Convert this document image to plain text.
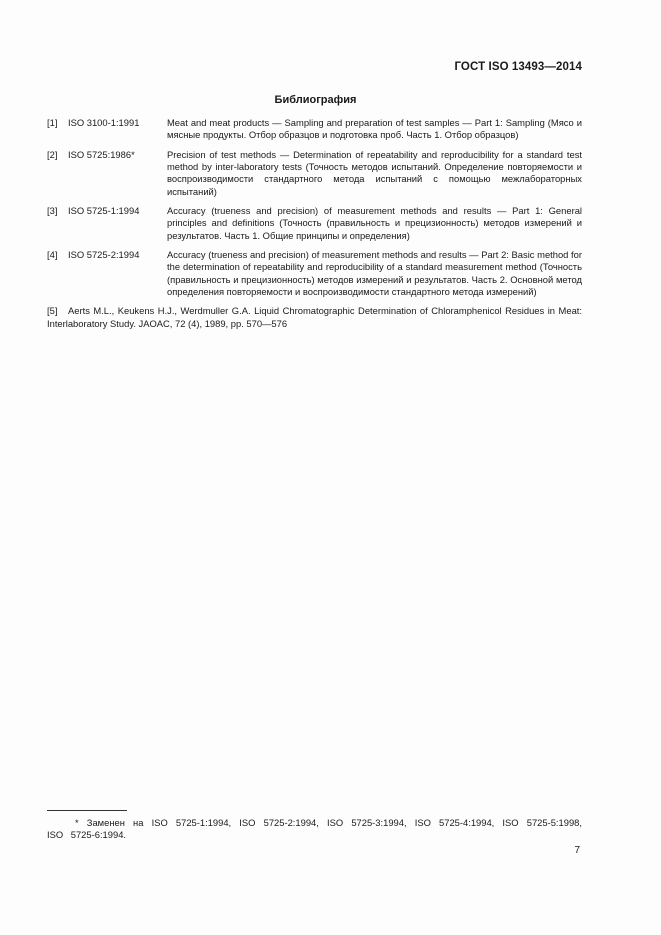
ГОСТ ISO 13493—2014
Библиография
[1]	ISO 3100-1:1991	Meat and meat products — Sampling and preparation of test samples — Part 1: Sampling (Мясо и мясные продукты. Отбор образцов и подготовка проб. Часть 1. Отбор образцов)
[2]	ISO 5725:1986*	Precision of test methods — Determination of repeatability and reproducibility for a standard test method by inter-laboratory tests (Точность методов испытаний. Определение повторяемости и воспроизводимости стандартного метода испытаний с помощью межлабораторных испытаний)
[3]	ISO 5725-1:1994	Accuracy (trueness and precision) of measurement methods and results — Part 1: General principles and definitions (Точность (правильность и прецизионность) методов измерений и результатов. Часть 1. Общие принципы и определения)
[4]	ISO 5725-2:1994	Accuracy (trueness and precision) of measurement methods and results — Part 2: Basic method for the determination of repeatability and reproducibility of a standard measurement method (Точность (правильность и прецизионность) методов измерений и результатов. Часть 2. Основной метод определения повторяемости и воспроизводимости стандартного метода измерений)
[5] Aerts M.L., Keukens H.J., Werdmuller G.A. Liquid Chromatographic Determination of Chloramphenicol Residues in Meat: Interlaboratory Study. JAOAC, 72 (4), 1989, pp. 570—576
* Заменен на ISO 5725-1:1994, ISO 5725-2:1994, ISO 5725-3:1994, ISO 5725-4:1994, ISO 5725-5:1998, ISO 5725-6:1994.
7
